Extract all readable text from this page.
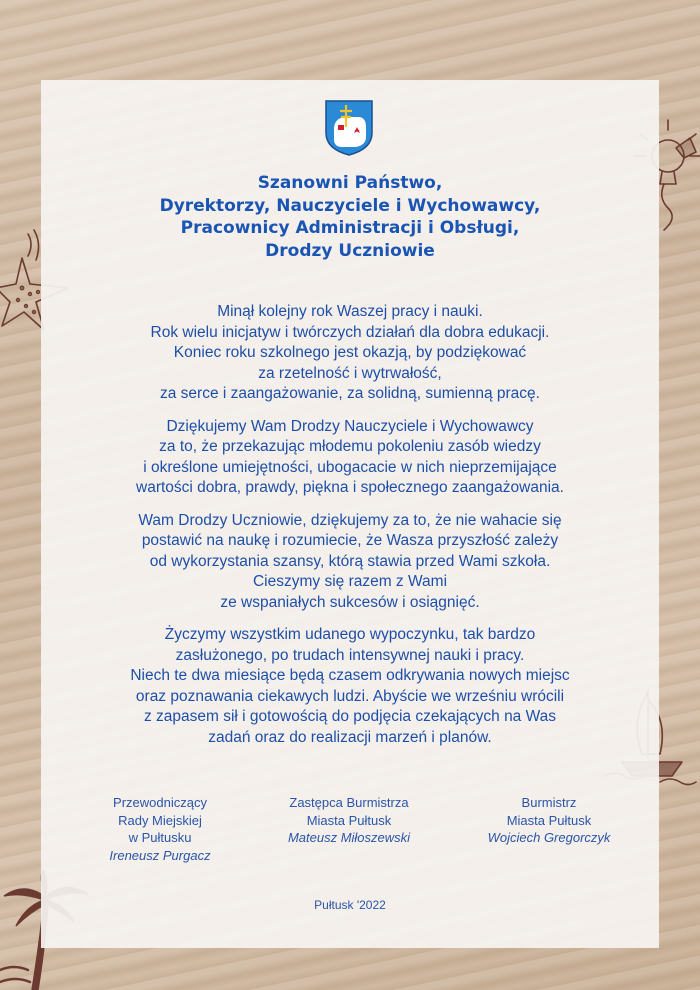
Szanowni Państwo,
Dyrektorzy, Nauczyciele i Wychowawcy,
Pracownicy Administracji i Obsługi,
Drodzy Uczniowie
Minął kolejny rok Waszej pracy i nauki.
Rok wielu inicjatyw i twórczych działań dla dobra edukacji.
Koniec roku szkolnego jest okazją, by podziękować
za rzetelność i wytrwałość,
za serce i zaangażowanie, za solidną, sumienną pracę.
Dziękujemy Wam Drodzy Nauczyciele i Wychowawcy
za to, że przekazując młodemu pokoleniu zasób wiedzy
i określone umiejętności, ubogacacie w nich nieprzemijające
wartości dobra, prawdy, piękna i społecznego zaangażowania.
Wam Drodzy Uczniowie, dziękujemy za to, że nie wahacie się
postawić na naukę i rozumiecie, że Wasza przyszłość zależy
od wykorzystania szansy, którą stawia przed Wami szkoła.
Cieszymy się razem z Wami
ze wspaniałych sukcesów i osiągnięć.
Życzymy wszystkim udanego wypoczynku, tak bardzo
zasłużonego, po trudach intensywnej nauki i pracy.
Niech te dwa miesiące będą czasem odkrywania nowych miejsc
oraz poznawania ciekawych ludzi. Abyście we wrześniu wrócili
z zapasem sił i gotowością do podjęcia czekających na Was
zadań oraz do realizacji marzeń i planów.
Przewodniczący
Rady Miejskiej
w Pułtusku
Ireneusz Purgacz
Zastępca Burmistrza
Miasta Pułtusk
Mateusz Miłoszewski
Burmistrz
Miasta Pułtusk
Wojciech Gregorczyk
Pułtusk '2022
